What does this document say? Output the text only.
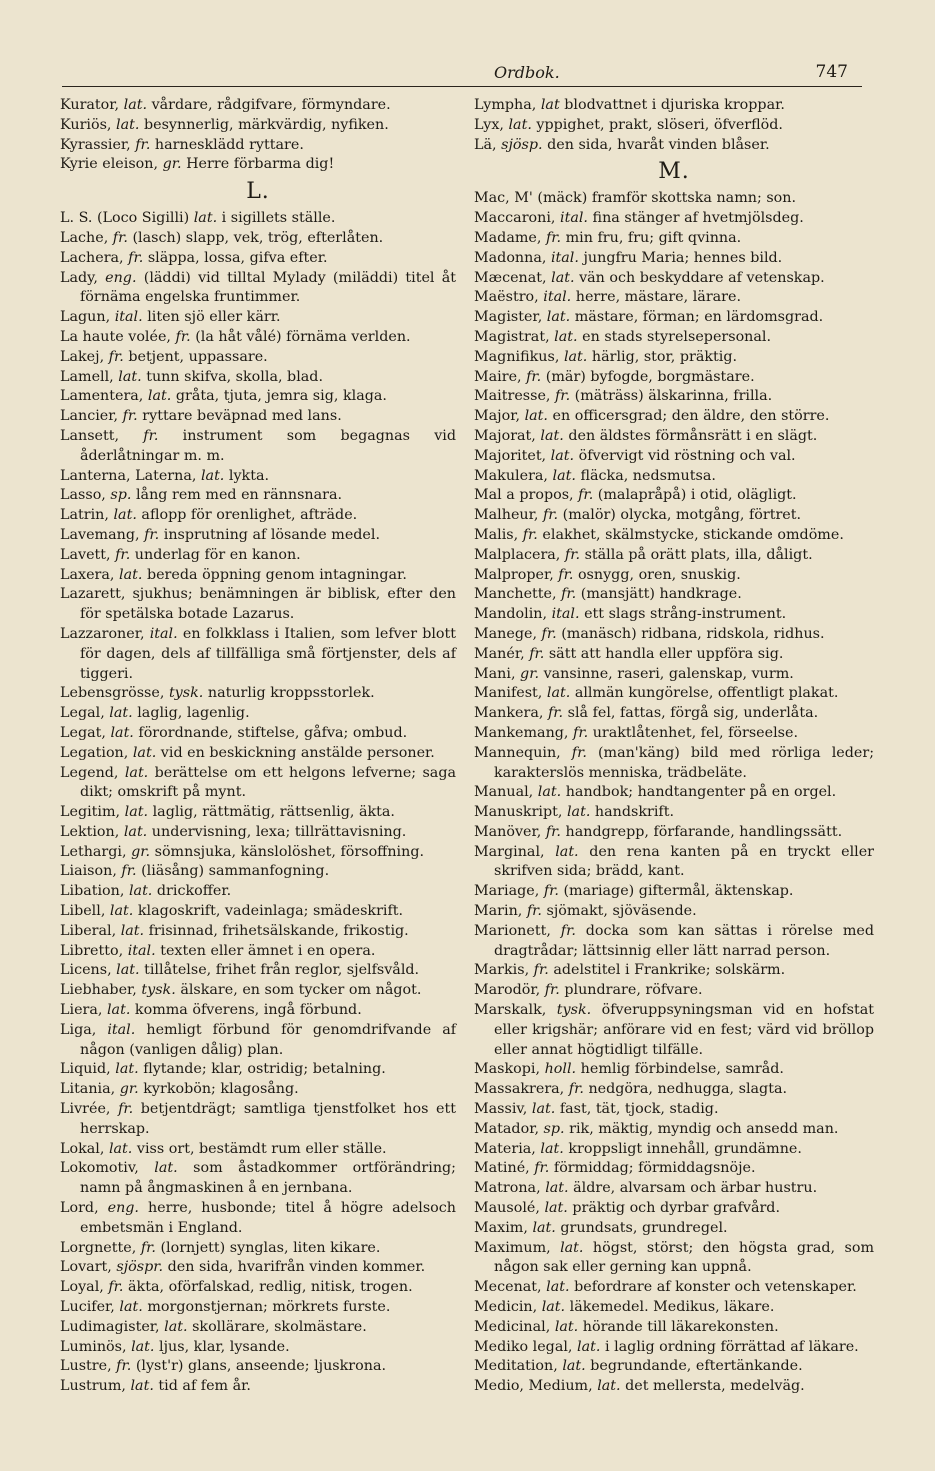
Ordbok.	747
Kurator, lat. vårdare, rådgifvare, förmyndare.
Kuriös, lat. besynnerlig, märkvärdig, nyfiken.
Kyrassier, fr. harnesklädd ryttare.
Kyrie eleison, gr. Herre förbarma dig!
L.
L. S. (Loco Sigilli) lat. i sigillets ställe.
Lache, fr. (lasch) slapp, vek, trög, efterlåten.
Lachera, fr. släppa, lossa, gifva efter.
Lady, eng. (läddi) vid tilltal Mylady (miläddi) titel åt förnäma engelska fruntimmer.
Lagun, ital. liten sjö eller kärr.
La haute volée, fr. (la håt vålé) förnäma verlden.
Lakej, fr. betjent, uppassare.
Lamell, lat. tunn skifva, skolla, blad.
Lamentera, lat. gråta, tjuta, jemra sig, klaga.
Lancier, fr. ryttare beväpnad med lans.
Lansett, fr. instrument som begagnas vid åderlåtningar m. m.
Lanterna, Laterna, lat. lykta.
Lasso, sp. lång rem med en rännsnara.
Latrin, lat. aflopp för orenlighet, afträde.
Lavemang, fr. insprutning af lösande medel.
Lavett, fr. underlag för en kanon.
Laxera, lat. bereda öppning genom intagningar.
Lazarett, sjukhus; benämningen är biblisk, efter den för spetälska botade Lazarus.
Lazzaroner, ital. en folkklass i Italien, som lefver blott för dagen, dels af tillfälliga små förtjenster, dels af tiggeri.
Lebensgrösse, tysk. naturlig kroppsstorlek.
Legal, lat. laglig, lagenlig.
Legat, lat. förordnande, stiftelse, gåfva; ombud.
Legation, lat. vid en beskickning anstälde personer.
Legend, lat. berättelse om ett helgons lefverne; saga dikt; omskrift på mynt.
Legitim, lat. laglig, rättmätig, rättsenlig, äkta.
Lektion, lat. undervisning, lexa; tillrättavisning.
Lethargi, gr. sömnsjuka, känslolöshet, försoffning.
Liaison, fr. (liäsång) sammanfogning.
Libation, lat. drickoffer.
Libell, lat. klagoskrift, vadeinlaga; smädeskrift.
Liberal, lat. frisinnad, frihetsälskande, frikostig.
Libretto, ital. texten eller ämnet i en opera.
Licens, lat. tillåtelse, frihet från reglor, sjelfsvåld.
Liebhaber, tysk. älskare, en som tycker om något.
Liera, lat. komma öfverens, ingå förbund.
Liga, ital. hemligt förbund för genomdrifvande af någon (vanligen dålig) plan.
Liquid, lat. flytande; klar, ostridig; betalning.
Litania, gr. kyrkobön; klagosång.
Livrée, fr. betjentdrägt; samtliga tjenstfolket hos ett herrskap.
Lokal, lat. viss ort, bestämdt rum eller ställe.
Lokomotiv, lat. som åstadkommer ortförändring; namn på ångmaskinen å en jernbana.
Lord, eng. herre, husbonde; titel å högre adelsoch embetsmän i England.
Lorgnette, fr. (lornjett) synglas, liten kikare.
Lovart, sjöspr. den sida, hvarifrån vinden kommer.
Loyal, fr. äkta, oförfalskad, redlig, nitisk, trogen.
Lucifer, lat. morgonstjernan; mörkrets furste.
Ludimagister, lat. skollärare, skolmästare.
Luminös, lat. ljus, klar, lysande.
Lustre, fr. (lyst'r) glans, anseende; ljuskrona.
Lustrum, lat. tid af fem år.
Lympha, lat blodvattnet i djuriska kroppar.
Lyx, lat. yppighet, prakt, slöseri, öfverflöd.
Lä, sjösp. den sida, hvaråt vinden blåser.
M.
Mac, M' (mäck) framför skottska namn; son.
Maccaroni, ital. fina stänger af hvetmjölsdeg.
Madame, fr. min fru, fru; gift qvinna.
Madonna, ital. jungfru Maria; hennes bild.
Mæcenat, lat. vän och beskyddare af vetenskap.
Maëstro, ital. herre, mästare, lärare.
Magister, lat. mästare, förman; en lärdomsgrad.
Magistrat, lat. en stads styrelsepersonal.
Magnifikus, lat. härlig, stor, präktig.
Maire, fr. (mär) byfogde, borgmästare.
Maitresse, fr. (mäträss) älskarinna, frilla.
Major, lat. en officersgrad; den äldre, den större.
Majorat, lat. den äldstes förmånsrätt i en slägt.
Majoritet, lat. öfvervigt vid röstning och val.
Makulera, lat. fläcka, nedsmutsa.
Mal a propos, fr. (malapråpå) i otid, olägligt.
Malheur, fr. (malör) olycka, motgång, förtret.
Malis, fr. elakhet, skälmstycke, stickande omdöme.
Malplacera, fr. ställa på orätt plats, illa, dåligt.
Malproper, fr. osnygg, oren, snuskig.
Manchette, fr. (mansjätt) handkrage.
Mandolin, ital. ett slags strång-instrument.
Manege, fr. (manäsch) ridbana, ridskola, ridhus.
Manér, fr. sätt att handla eller uppföra sig.
Mani, gr. vansinne, raseri, galenskap, vurm.
Manifest, lat. allmän kungörelse, offentligt plakat.
Mankera, fr. slå fel, fattas, förgå sig, underlåta.
Mankemang, fr. uraktlåtenhet, fel, förseelse.
Mannequin, fr. (man'käng) bild med rörliga leder; karakterslös menniska, trädbeläte.
Manual, lat. handbok; handtangenter på en orgel.
Manuskript, lat. handskrift.
Manöver, fr. handgrepp, förfarande, handlingssätt.
Marginal, lat. den rena kanten på en tryckt eller skrifven sida; brädd, kant.
Mariage, fr. (mariage) giftermål, äktenskap.
Marin, fr. sjömakt, sjöväsende.
Marionett, fr. docka som kan sättas i rörelse med dragtrådar; lättsinnig eller lätt narrad person.
Markis, fr. adelstitel i Frankrike; solskärm.
Marodör, fr. plundrare, röfvare.
Marskalk, tysk. öfveruppsyningsman vid en hofstat eller krigshär; anförare vid en fest; värd vid bröllop eller annat högtidligt tilfälle.
Maskopi, holl. hemlig förbindelse, samråd.
Massakrera, fr. nedgöra, nedhugga, slagta.
Massiv, lat. fast, tät, tjock, stadig.
Matador, sp. rik, mäktig, myndig och ansedd man.
Materia, lat. kroppsligt innehåll, grundämne.
Matiné, fr. förmiddag; förmiddagsnöje.
Matrona, lat. äldre, alvarsam och ärbar hustru.
Mausolé, lat. präktig och dyrbar grafvård.
Maxim, lat. grundsats, grundregel.
Maximum, lat. högst, störst; den högsta grad, som någon sak eller gerning kan uppnå.
Mecenat, lat. befordrare af konster och vetenskaper.
Medicin, lat. läkemedel. Medikus, läkare.
Medicinal, lat. hörande till läkarekonsten.
Mediko legal, lat. i laglig ordning förrättad af läkare.
Meditation, lat. begrundande, eftertänkande.
Medio, Medium, lat. det mellersta, medelväg.
